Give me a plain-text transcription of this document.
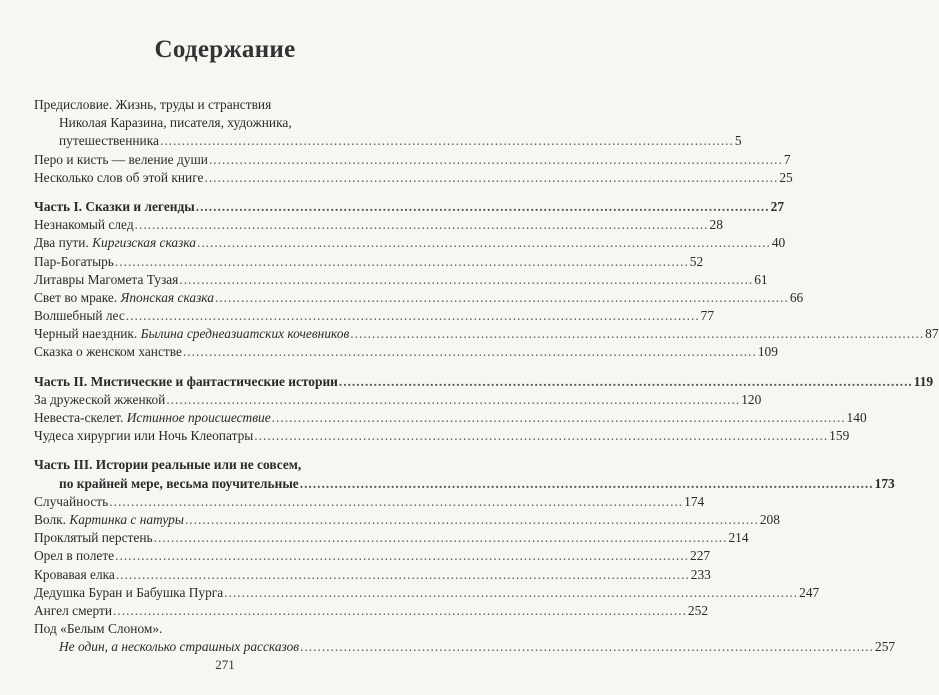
Содержание
Предисловие. Жизнь, труды и странствия
Николая Каразина, писателя, художника,
путешественника .....	5
Перо и кисть — веление души .....	7
Несколько слов об этой книге .....	25
Часть I. Сказки и легенды .....	27
Незнакомый след .....	28
Два пути. Киргизская сказка .....	40
Пар-Богатырь .....	52
Литавры Магомета Тузая .....	61
Свет во мраке. Японская сказка .....	66
Волшебный лес .....	77
Черный наездник. Былина среднеазиатских кочевников .....	87
Сказка о женском ханстве .....	109
Часть II. Мистические и фантастические истории .....	119
За дружеской жженкой .....	120
Невеста-скелет. Истинное происшествие .....	140
Чудеса хирургии или Ночь Клеопатры .....	159
Часть III. Истории реальные или не совсем,
по крайней мере, весьма поучительные .....	173
Случайность .....	174
Волк. Картинка с натуры .....	208
Проклятый перстень .....	214
Орел в полете .....	227
Кровавая елка .....	233
Дедушка Буран и Бабушка Пурга .....	247
Ангел смерти .....	252
Под «Белым Слоном».
Не один, а несколько страшных рассказов .....	257
271
